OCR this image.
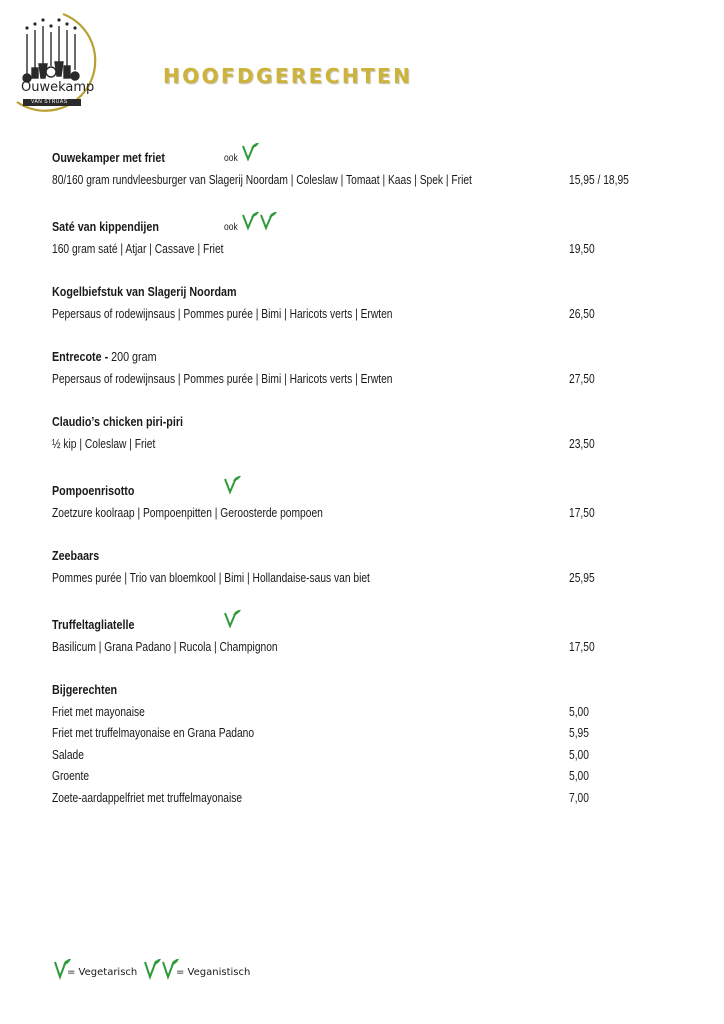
Ouwekamp
VAN STRUAS
HOOFDGERECHTEN
Ouwekamper met friet	ook
80/160 gram rundvleesburger van Slagerij Noordam | Coleslaw | Tomaat | Kaas | Spek | Friet	15,95 / 18,95
Saté van kippendijen	ook
160 gram saté | Atjar | Cassave | Friet	19,50
Kogelbiefstuk van Slagerij Noordam
Pepersaus of rodewijnsaus | Pommes purée | Bimi | Haricots verts | Erwten	26,50
Entrecote - 200 gram
Pepersaus of rodewijnsaus | Pommes purée | Bimi | Haricots verts | Erwten	27,50
Claudio’s chicken piri-piri
½ kip | Coleslaw | Friet	23,50
Pompoenrisotto
Zoetzure koolraap | Pompoenpitten | Geroosterde pompoen	17,50
Zeebaars
Pommes purée | Trio van bloemkool | Bimi | Hollandaise-saus van biet	25,95
Truffeltagliatelle
Basilicum | Grana Padano | Rucola | Champignon	17,50
Bijgerechten
Friet met mayonaise	5,00
Friet met truffelmayonaise en Grana Padano	5,95
Salade	5,00
Groente	5,00
Zoete-aardappelfriet met truffelmayonaise	7,00
= Vegetarisch	= Veganistisch
